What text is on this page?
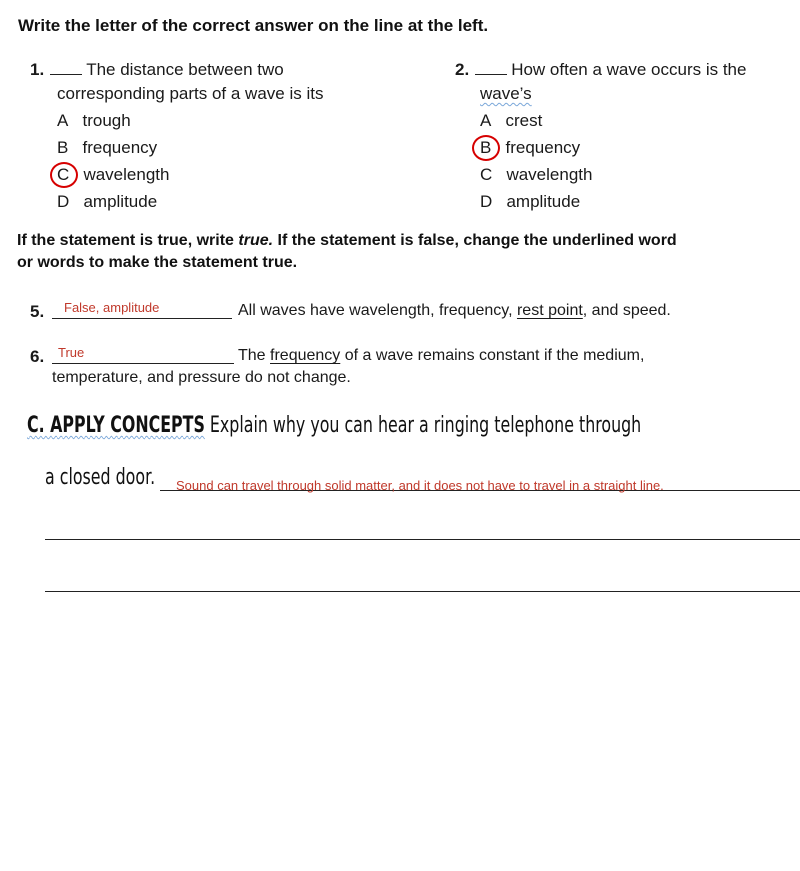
Write the letter of the correct answer on the line at the left.
1. The distance between two
corresponding parts of a wave is its
A trough
B frequency
C wavelength
D amplitude
2. How often a wave occurs is the
wave’s
A crest
B frequency
C wavelength
D amplitude
If the statement is true, write true. If the statement is false, change the underlined word
or words to make the statement true.
5. False, amplitude	All waves have wavelength, frequency, rest point, and speed.
6. True	The frequency of a wave remains constant if the medium,
temperature, and pressure do not change.
C. APPLY CONCEPTS Explain why you can hear a ringing telephone through
a closed door. Sound can travel through solid matter, and it does not have to travel in a straight line.
